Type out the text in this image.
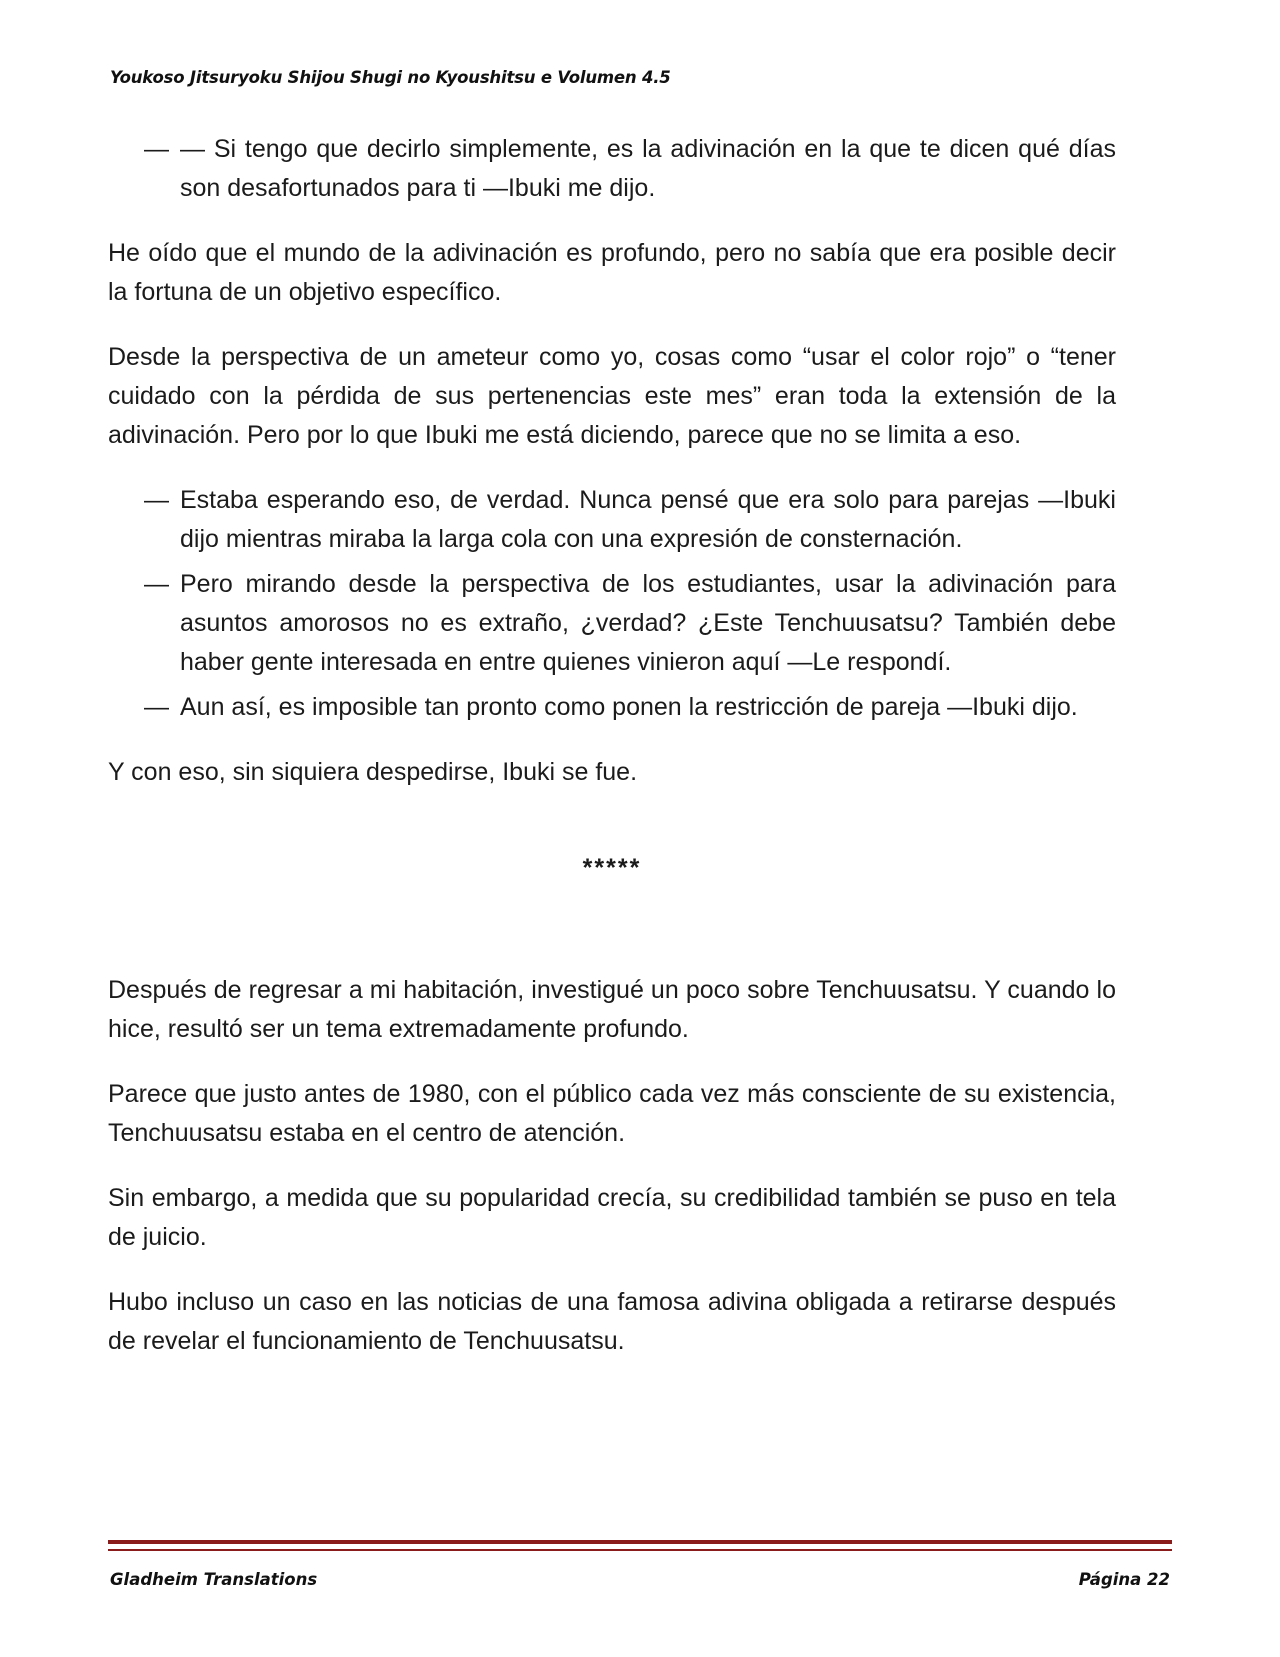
Youkoso Jitsuryoku Shijou Shugi no Kyoushitsu e Volumen 4.5
— — Si tengo que decirlo simplemente, es la adivinación en la que te dicen qué días son desafortunados para ti —Ibuki me dijo.

He oído que el mundo de la adivinación es profundo, pero no sabía que era posible decir la fortuna de un objetivo específico.

Desde la perspectiva de un ameteur como yo, cosas como “usar el color rojo” o “tener cuidado con la pérdida de sus pertenencias este mes” eran toda la extensión de la adivinación. Pero por lo que Ibuki me está diciendo, parece que no se limita a eso.

— Estaba esperando eso, de verdad. Nunca pensé que era solo para parejas —Ibuki dijo mientras miraba la larga cola con una expresión de consternación.
— Pero mirando desde la perspectiva de los estudiantes, usar la adivinación para asuntos amorosos no es extraño, ¿verdad? ¿Este Tenchuusatsu? También debe haber gente interesada en entre quienes vinieron aquí —Le respondí.
— Aun así, es imposible tan pronto como ponen la restricción de pareja —Ibuki dijo.

Y con eso, sin siquiera despedirse, Ibuki se fue.

*****

Después de regresar a mi habitación, investigué un poco sobre Tenchuusatsu. Y cuando lo hice, resultó ser un tema extremadamente profundo.

Parece que justo antes de 1980, con el público cada vez más consciente de su existencia, Tenchuusatsu estaba en el centro de atención.

Sin embargo, a medida que su popularidad crecía, su credibilidad también se puso en tela de juicio.

Hubo incluso un caso en las noticias de una famosa adivina obligada a retirarse después de revelar el funcionamiento de Tenchuusatsu.

Gladheim Translations	Página 22
